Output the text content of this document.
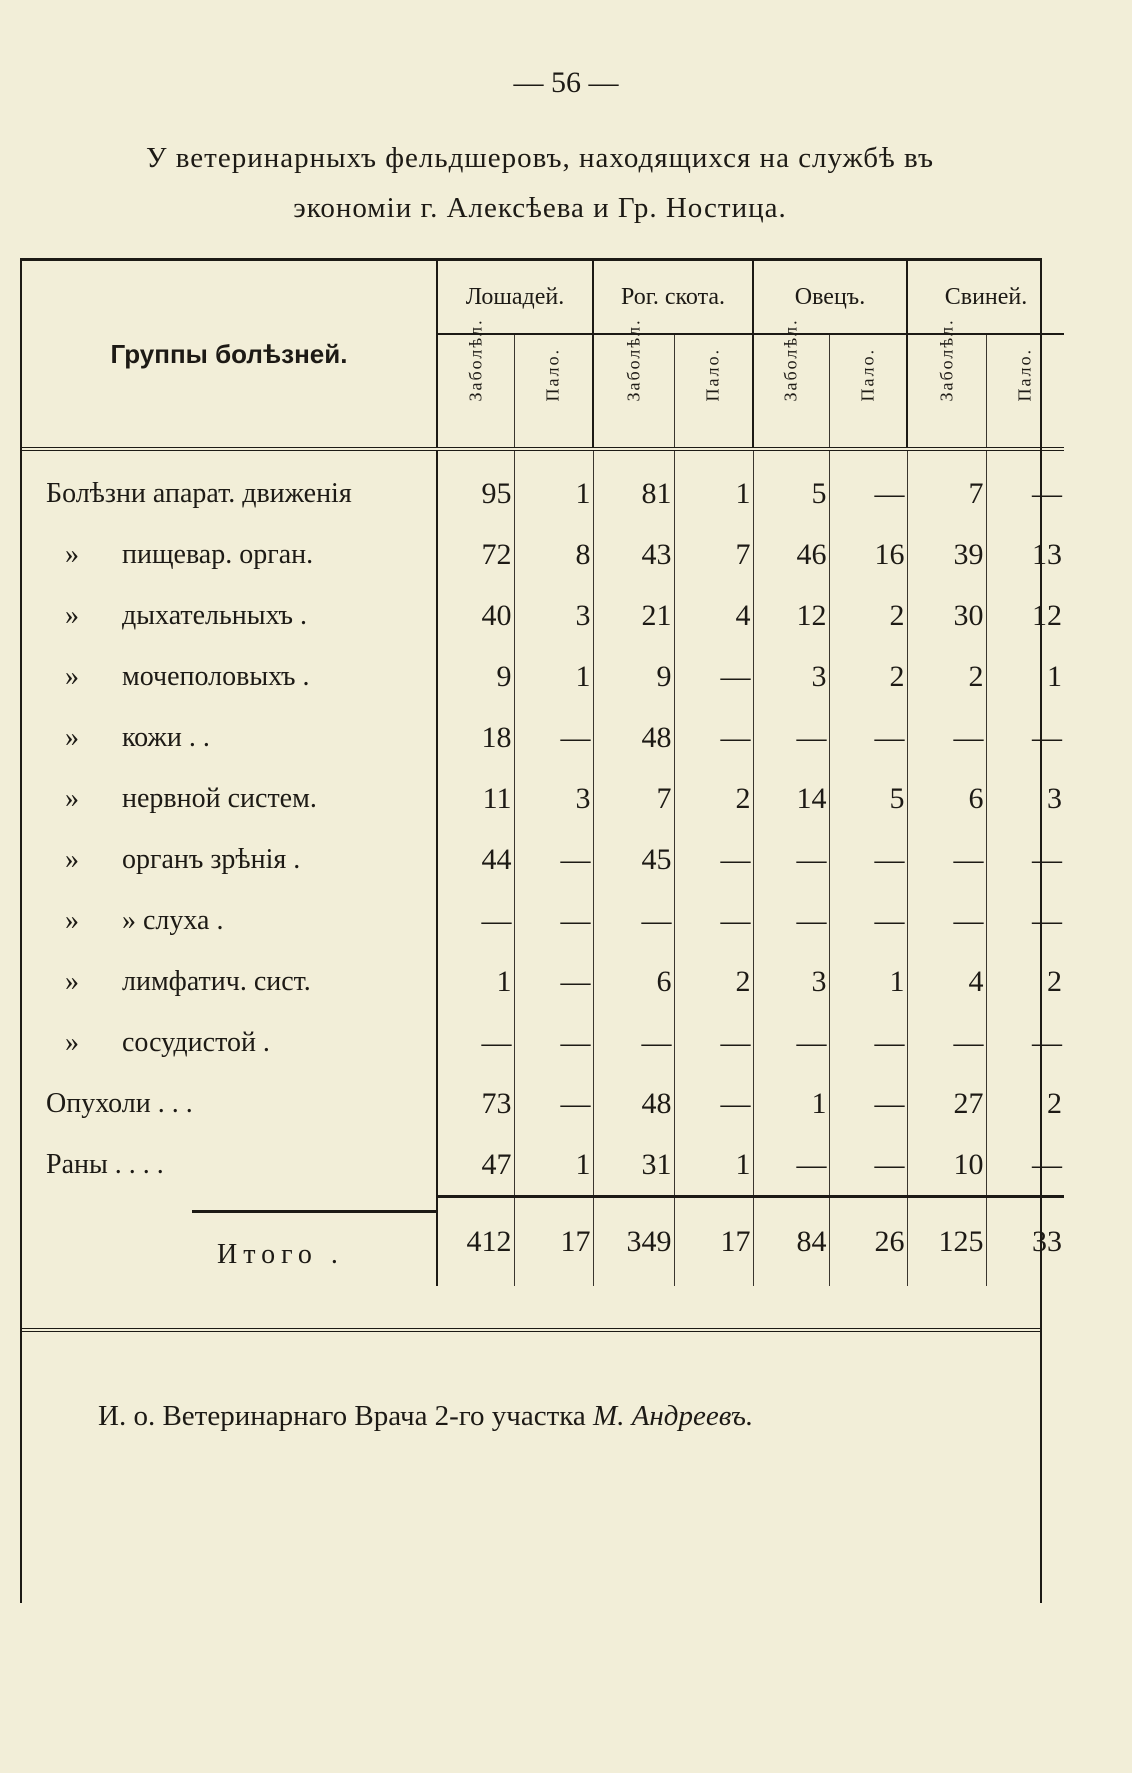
— 56 —
У ветеринарныхъ фельдшеровъ, находящихся на службѣ въ
экономіи г. Алексѣева и Гр. Ностица.
Группы болѣзней.	Лошадей.		Рог. скота.		Овецъ.		Свиней.	

	Заболѣл.	Пало.	Заболѣл.	Пало.	Заболѣл.	Пало.	Заболѣл.	Пало.

Болѣзни апарат. движенія	95	1	81	1	5	—	7	—
» пищевар. орган.	72	8	43	7	46	16	39	13
» дыхательныхъ .	40	3	21	4	12	2	30	12
» мочеполовыхъ .	9	1	9	—	3	2	2	1
» кожи . .	18	—	48	—	—	—	—	—
» нервной систем.	11	3	7	2	14	5	6	3
» органъ зрѣнія .	44	—	45	—	—	—	—	—
» » слуха .	—	—	—	—	—	—	—	—
» лимфатич. сист.	1	—	6	2	3	1	4	2
» сосудистой .	—	—	—	—	—	—	—	—
Опухоли . . .	73	—	48	—	1	—	27	2
Раны . . . .	47	1	31	1	—	—	10	—

Итого .	412	17	349	17	84	26	125	33
И. о. Ветеринарнаго Врача 2-го участка М. Андреевъ.
